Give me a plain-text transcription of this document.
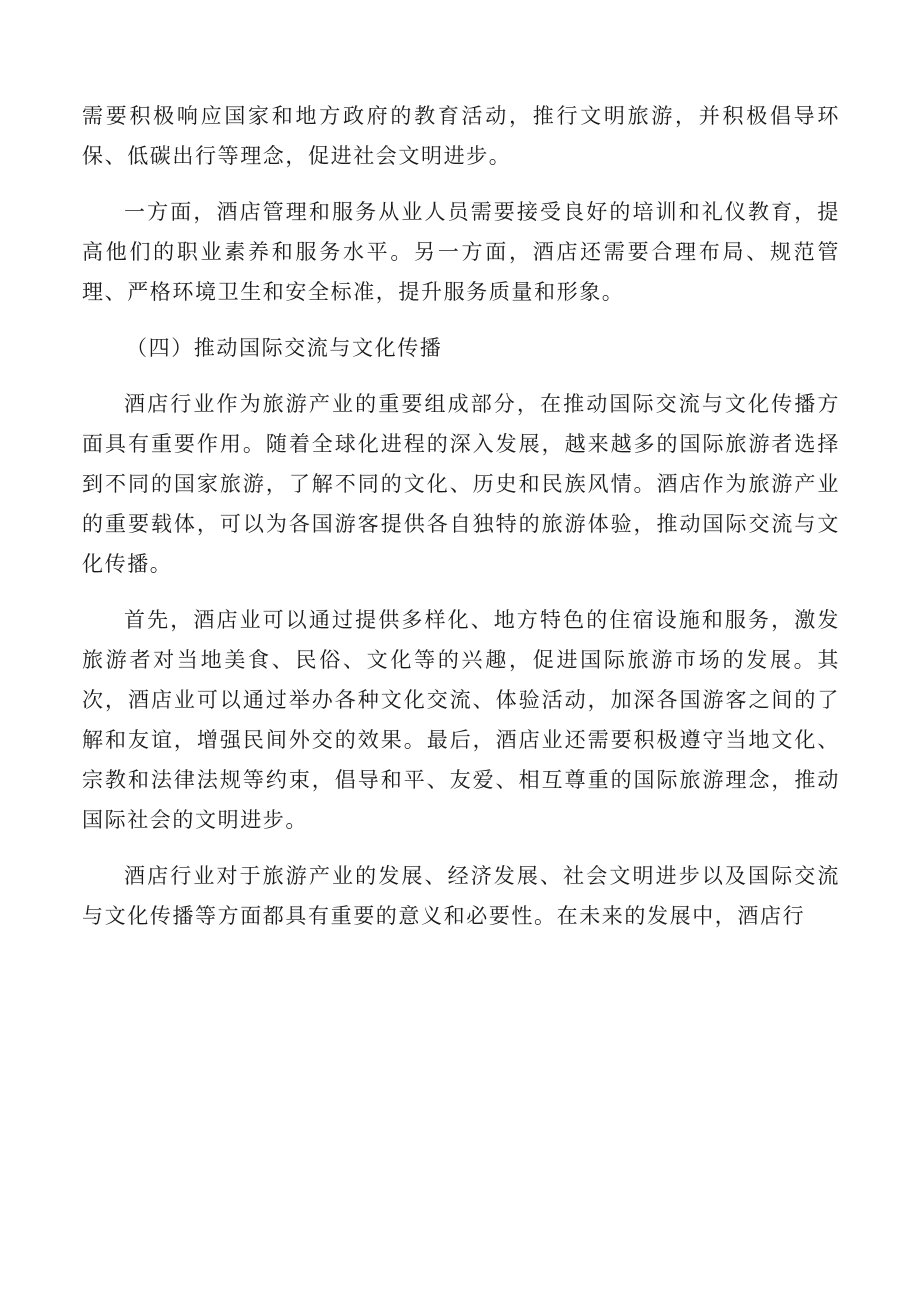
需要积极响应国家和地方政府的教育活动，推行文明旅游，并积极倡导环保、低碳出行等理念，促进社会文明进步。

一方面，酒店管理和服务从业人员需要接受良好的培训和礼仪教育，提高他们的职业素养和服务水平。另一方面，酒店还需要合理布局、规范管理、严格环境卫生和安全标准，提升服务质量和形象。

（四）推动国际交流与文化传播

酒店行业作为旅游产业的重要组成部分，在推动国际交流与文化传播方面具有重要作用。随着全球化进程的深入发展，越来越多的国际旅游者选择到不同的国家旅游，了解不同的文化、历史和民族风情。酒店作为旅游产业的重要载体，可以为各国游客提供各自独特的旅游体验，推动国际交流与文化传播。

首先，酒店业可以通过提供多样化、地方特色的住宿设施和服务，激发旅游者对当地美食、民俗、文化等的兴趣，促进国际旅游市场的发展。其次，酒店业可以通过举办各种文化交流、体验活动，加深各国游客之间的了解和友谊，增强民间外交的效果。最后，酒店业还需要积极遵守当地文化、宗教和法律法规等约束，倡导和平、友爱、相互尊重的国际旅游理念，推动国际社会的文明进步。

酒店行业对于旅游产业的发展、经济发展、社会文明进步以及国际交流与文化传播等方面都具有重要的意义和必要性。在未来的发展中，酒店行
